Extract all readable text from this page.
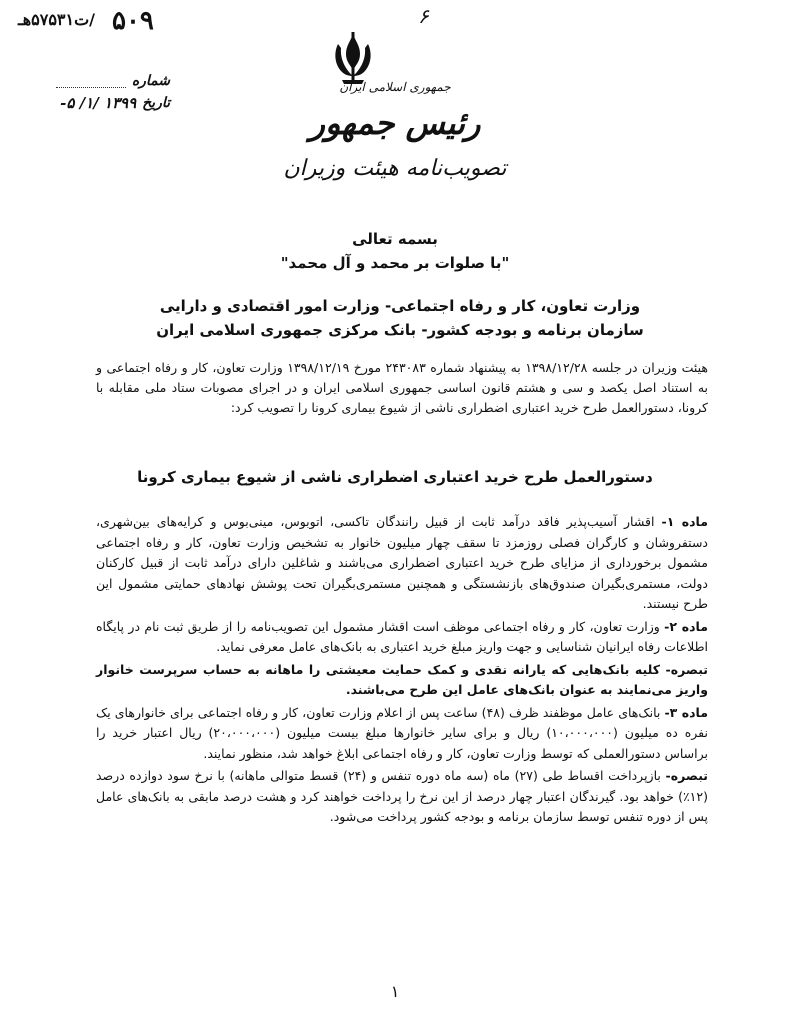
/ت۵۷۵۳۱هـ ۵۰۹	۶
شماره
تاریخ
۱۳۹۹ /۱/ ۵-
جمهوری اسلامی ایران
رئیس جمهور
تصویب‌نامه هیئت وزیران
بسمه تعالی
"با صلوات بر محمد و آل محمد"
وزارت تعاون، کار و رفاه اجتماعی- وزارت امور اقتصادی و دارایی
سازمان برنامه و بودجه کشور- بانک مرکزی جمهوری اسلامی ایران
هیئت وزیران در جلسه ۱۳۹۸/۱۲/۲۸ به پیشنهاد شماره ۲۴۳۰۸۳ مورخ ۱۳۹۸/۱۲/۱۹ وزارت تعاون، کار و رفاه اجتماعی و به استناد اصل یکصد و سی و هشتم قانون اساسی جمهوری اسلامی ایران و در اجرای مصوبات ستاد ملی مقابله با کرونا، دستورالعمل طرح خرید اعتباری اضطراری ناشی از شیوع بیماری کرونا را تصویب کرد:
دستورالعمل طرح خرید اعتباری اضطراری ناشی از شیوع بیماری کرونا

ماده ۱- اقشار آسیب‌پذیر فاقد درآمد ثابت از قبیل رانندگان تاکسی، اتوبوس، مینی‌بوس و کرایه‌های بین‌شهری، دستفروشان و کارگران فصلی روزمزد تا سقف چهار میلیون خانوار به تشخیص وزارت تعاون، کار و رفاه اجتماعی مشمول برخورداری از مزایای طرح خرید اعتباری اضطراری می‌باشند و شاغلین دارای درآمد ثابت از قبیل کارکنان دولت، مستمری‌بگیران صندوق‌های بازنشستگی و همچنین مستمری‌بگیران تحت پوشش نهادهای حمایتی مشمول این طرح نیستند.

ماده ۲- وزارت تعاون، کار و رفاه اجتماعی موظف است اقشار مشمول این تصویب‌نامه را از طریق ثبت نام در پایگاه اطلاعات رفاه ایرانیان شناسایی و جهت واریز مبلغ خرید اعتباری به بانک‌های عامل معرفی نماید.

تبصره- کلیه بانک‌هایی که یارانه نقدی و کمک حمایت معیشتی را ماهانه به حساب سرپرست خانوار واریز می‌نمایند به عنوان بانک‌های عامل این طرح می‌باشند.

ماده ۳- بانک‌های عامل موظفند ظرف (۴۸) ساعت پس از اعلام وزارت تعاون، کار و رفاه اجتماعی برای خانوارهای یک نفره ده میلیون (۱۰،۰۰۰،۰۰۰) ریال و برای سایر خانوارها مبلغ بیست میلیون (۲۰،۰۰۰،۰۰۰) ریال اعتبار خرید را براساس دستورالعملی که توسط وزارت تعاون، کار و رفاه اجتماعی ابلاغ خواهد شد، منظور نمایند.

تبصره- بازپرداخت اقساط طی (۲۷) ماه (سه ماه دوره تنفس و (۲۴) قسط متوالی ماهانه) با نرخ سود دوازده درصد (۱۲٪) خواهد بود. گیرندگان اعتبار چهار درصد از این نرخ را پرداخت خواهند کرد و هشت درصد مابقی به بانک‌های عامل پس از دوره تنفس توسط سازمان برنامه و بودجه کشور پرداخت می‌شود.

۱
